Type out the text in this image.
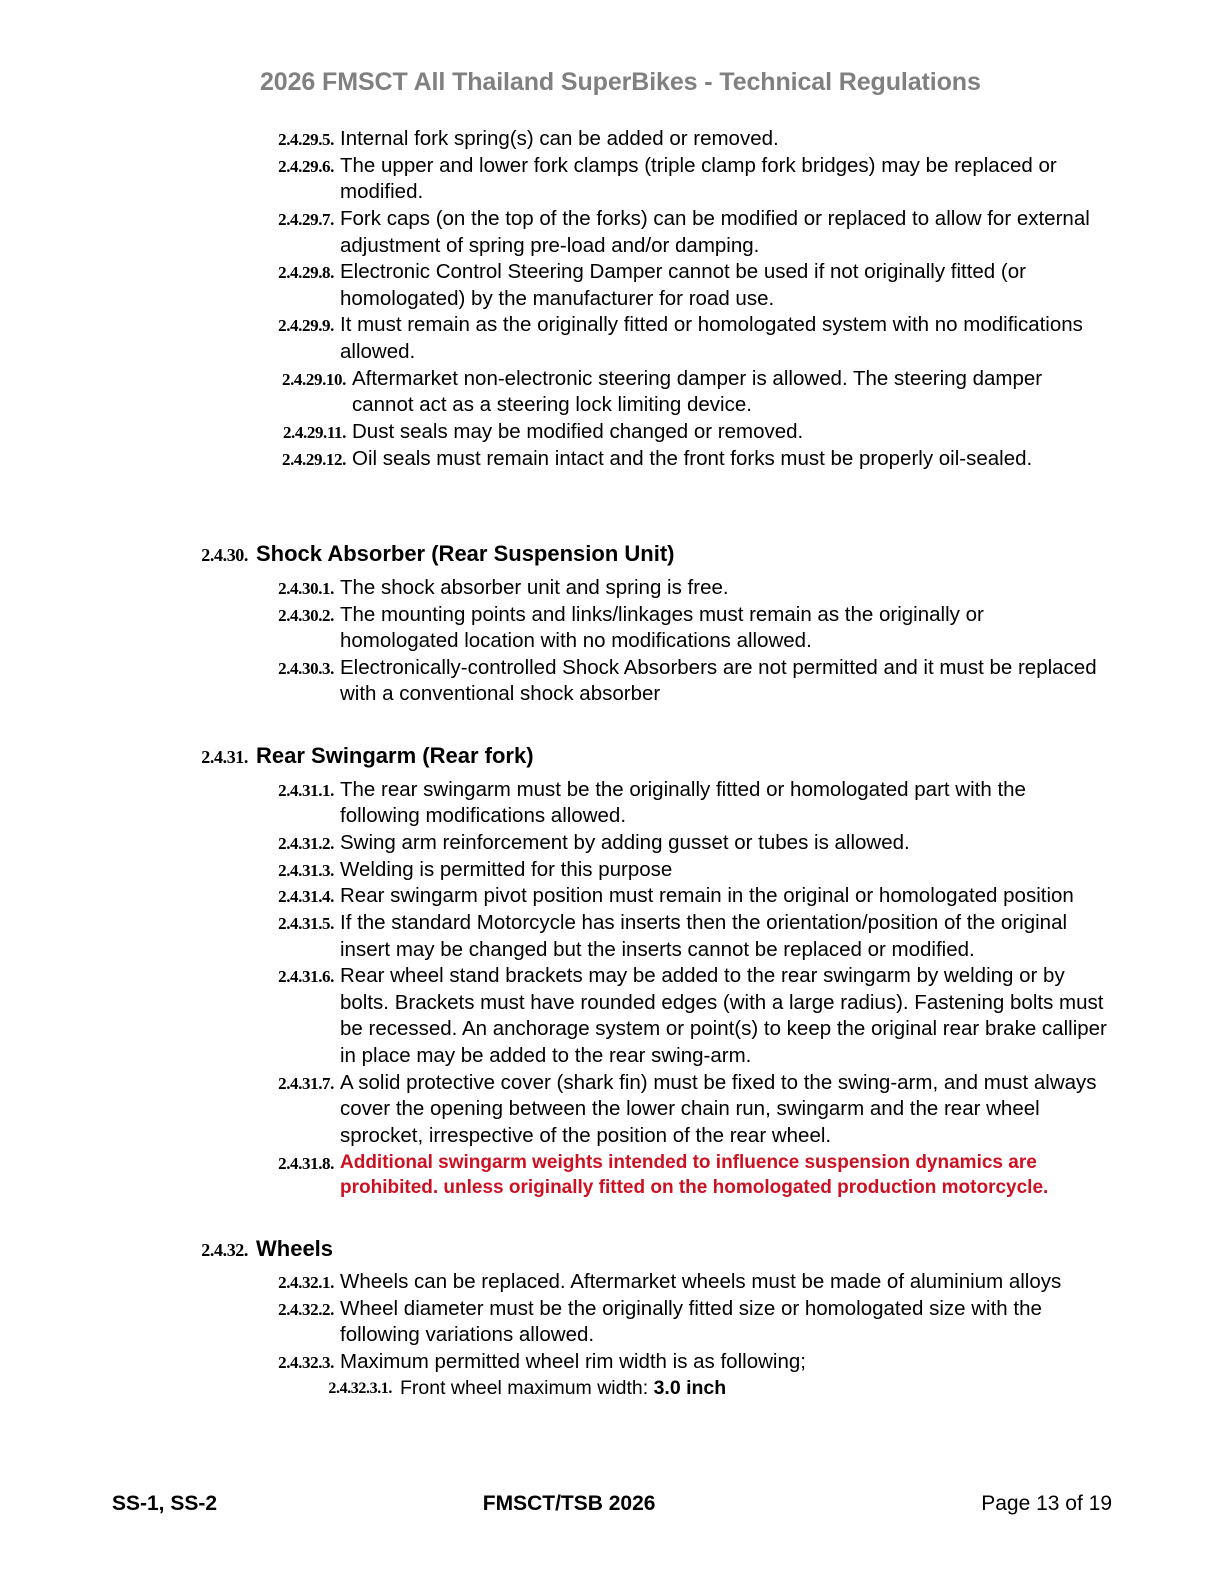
2026 FMSCT All Thailand SuperBikes - Technical Regulations
2.4.29.5. Internal fork spring(s) can be added or removed.
2.4.29.6. The upper and lower fork clamps (triple clamp fork bridges) may be replaced or modified.
2.4.29.7. Fork caps (on the top of the forks) can be modified or replaced to allow for external adjustment of spring pre-load and/or damping.
2.4.29.8. Electronic Control Steering Damper cannot be used if not originally fitted (or homologated) by the manufacturer for road use.
2.4.29.9. It must remain as the originally fitted or homologated system with no modifications allowed.
2.4.29.10. Aftermarket non-electronic steering damper is allowed. The steering damper cannot act as a steering lock limiting device.
2.4.29.11. Dust seals may be modified changed or removed.
2.4.29.12. Oil seals must remain intact and the front forks must be properly oil-sealed.
2.4.30. Shock Absorber (Rear Suspension Unit)
2.4.30.1. The shock absorber unit and spring is free.
2.4.30.2. The mounting points and links/linkages must remain as the originally or homologated location with no modifications allowed.
2.4.30.3. Electronically-controlled Shock Absorbers are not permitted and it must be replaced with a conventional shock absorber
2.4.31. Rear Swingarm (Rear fork)
2.4.31.1. The rear swingarm must be the originally fitted or homologated part with the following modifications allowed.
2.4.31.2. Swing arm reinforcement by adding gusset or tubes is allowed.
2.4.31.3. Welding is permitted for this purpose
2.4.31.4. Rear swingarm pivot position must remain in the original or homologated position
2.4.31.5. If the standard Motorcycle has inserts then the orientation/position of the original insert may be changed but the inserts cannot be replaced or modified.
2.4.31.6. Rear wheel stand brackets may be added to the rear swingarm by welding or by bolts. Brackets must have rounded edges (with a large radius). Fastening bolts must be recessed. An anchorage system or point(s) to keep the original rear brake calliper in place may be added to the rear swing-arm.
2.4.31.7. A solid protective cover (shark fin) must be fixed to the swing-arm, and must always cover the opening between the lower chain run, swingarm and the rear wheel sprocket, irrespective of the position of the rear wheel.
2.4.31.8. Additional swingarm weights intended to influence suspension dynamics are prohibited. unless originally fitted on the homologated production motorcycle.
2.4.32. Wheels
2.4.32.1. Wheels can be replaced. Aftermarket wheels must be made of aluminium alloys
2.4.32.2. Wheel diameter must be the originally fitted size or homologated size with the following variations allowed.
2.4.32.3. Maximum permitted wheel rim width is as following;
2.4.32.3.1. Front wheel maximum width: 3.0 inch
SS-1, SS-2	FMSCT/TSB 2026	Page 13 of 19
